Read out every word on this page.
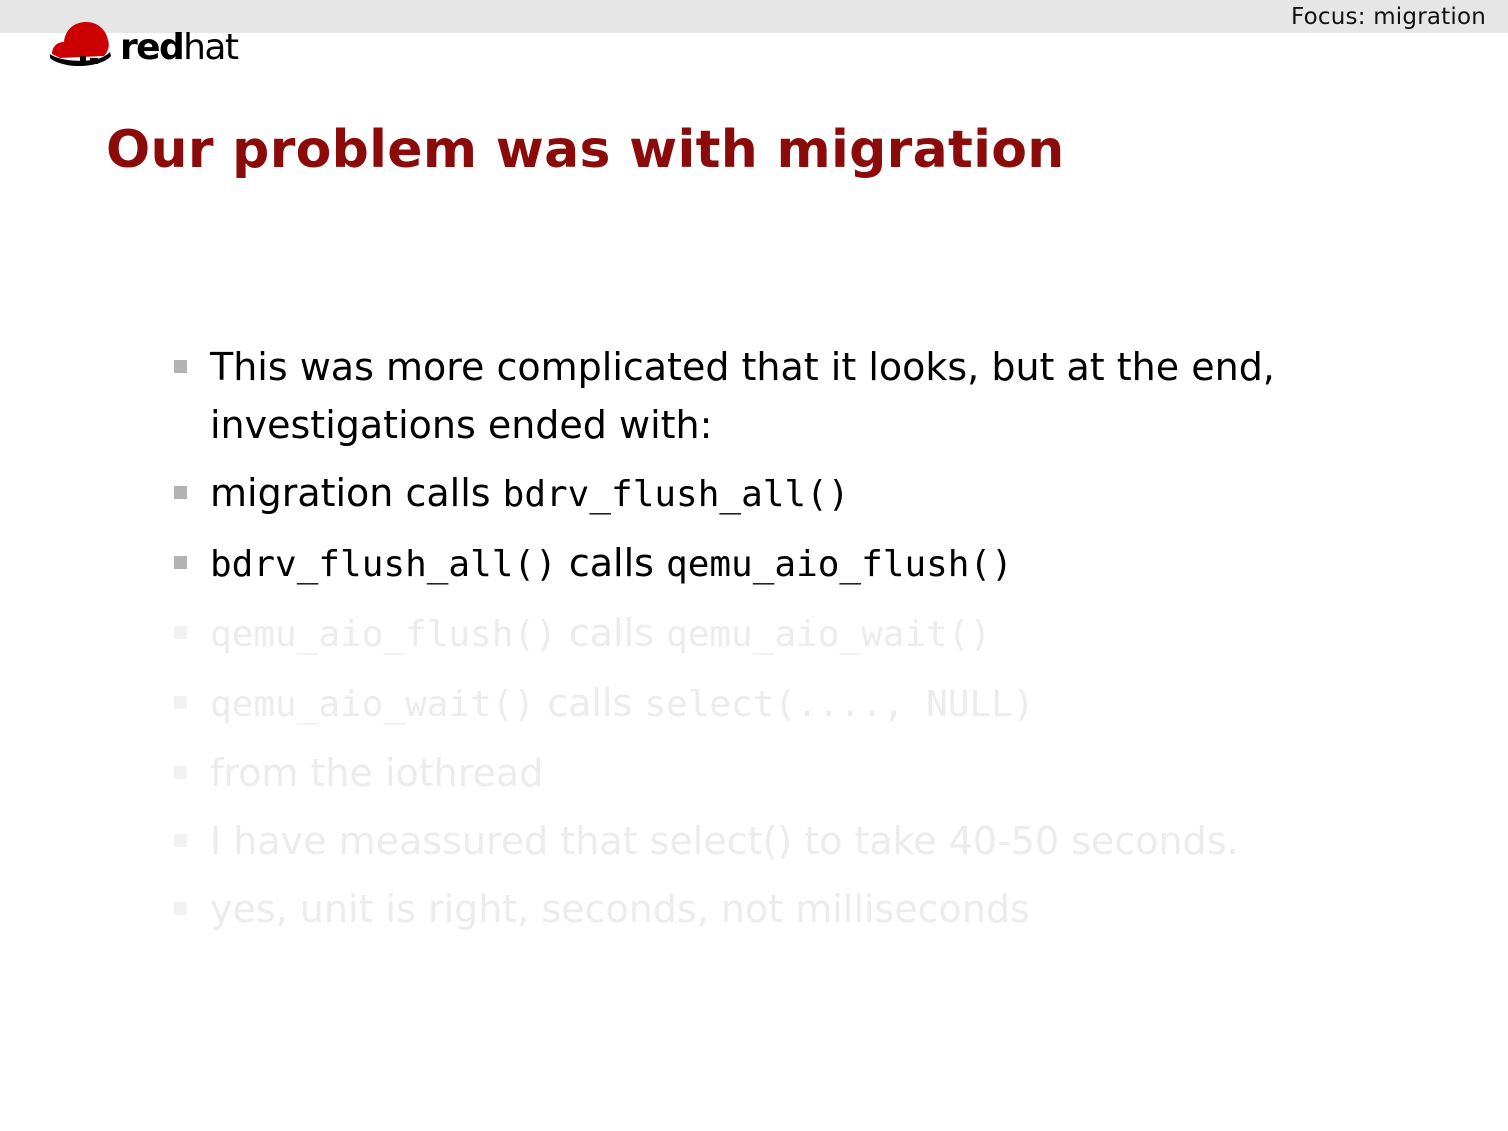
Focus: migration
redhat
Our problem was with migration
This was more complicated that it looks, but at the end, investigations ended with:
migration calls bdrv_flush_all()
bdrv_flush_all() calls qemu_aio_flush()
qemu_aio_flush() calls qemu_aio_wait()
qemu_aio_wait() calls select(...., NULL)
from the iothread
I have meassured that select() to take 40-50 seconds.
yes, unit is right, seconds, not milliseconds
